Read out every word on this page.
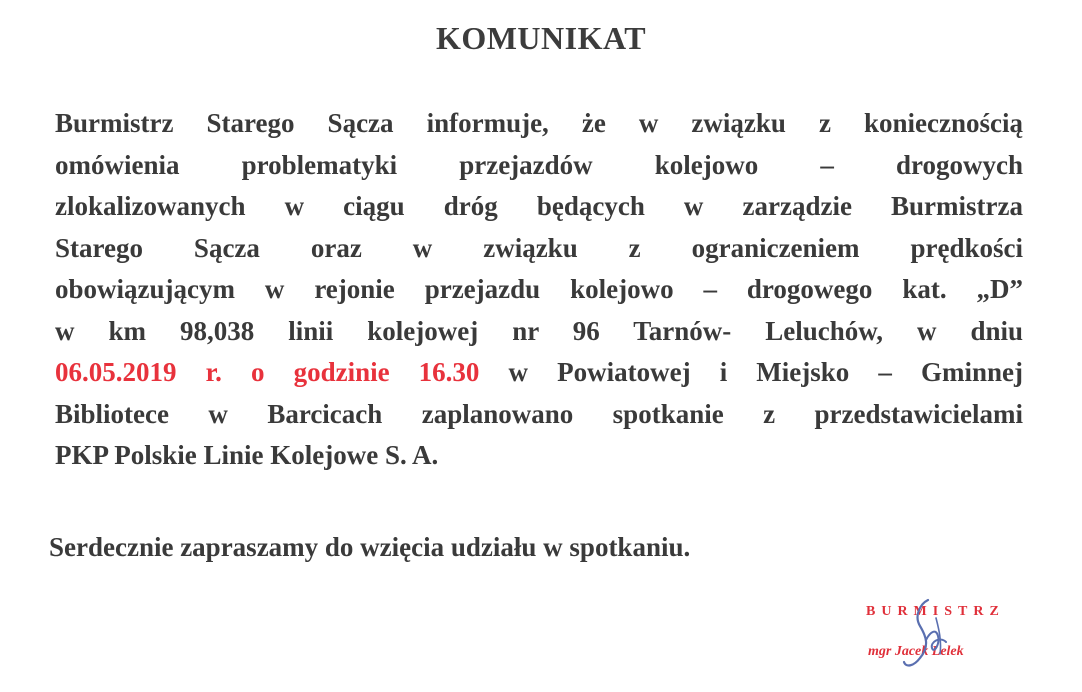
KOMUNIKAT
Burmistrz Starego Sącza informuje, że w związku z koniecznością
omówienia problematyki przejazdów kolejowo – drogowych
zlokalizowanych w ciągu dróg będących w zarządzie Burmistrza
Starego Sącza oraz w związku z ograniczeniem prędkości
obowiązującym w rejonie przejazdu kolejowo – drogowego kat. „D”
w km 98,038 linii kolejowej nr 96 Tarnów- Leluchów, w dniu
06.05.2019 r. o godzinie 16.30 w Powiatowej i Miejsko – Gminnej
Bibliotece w Barcicach zaplanowano spotkanie z przedstawicielami
PKP Polskie Linie Kolejowe S. A.
Serdecznie zapraszamy do wzięcia udziału w spotkaniu.
BURMISTRZ
mgr Jacek Lelek
